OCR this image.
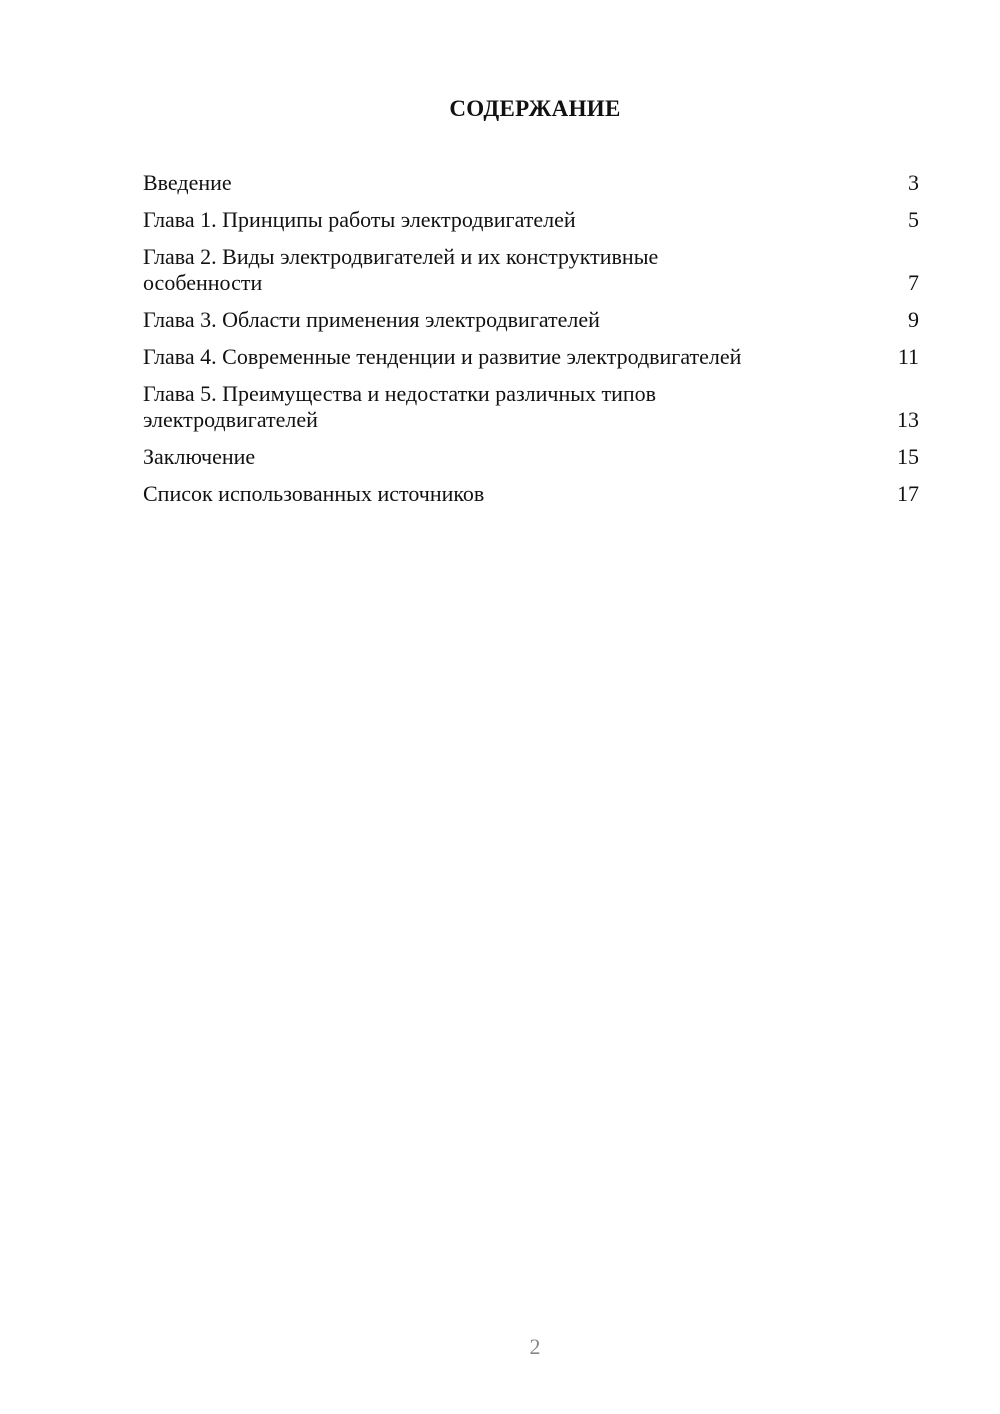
СОДЕРЖАНИЕ
Введение	3
Глава 1. Принципы работы электродвигателей	5
Глава 2. Виды электродвигателей и их конструктивные особенности	7
Глава 3. Области применения электродвигателей	9
Глава 4. Современные тенденции и развитие электродвигателей	11
Глава 5. Преимущества и недостатки различных типов электродвигателей	13
Заключение	15
Список использованных источников	17
2
